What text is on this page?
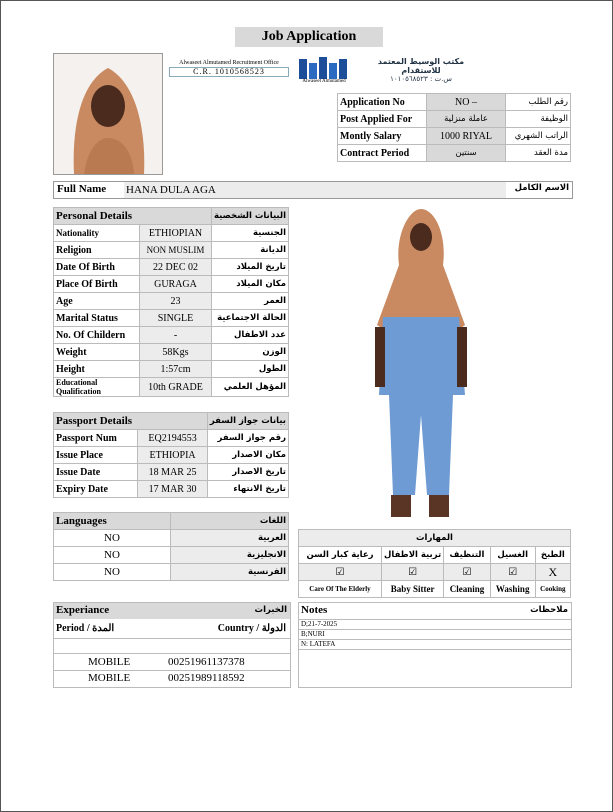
Job Application
Alwaseet Almutamed Recruitment Office
C.R. 1010568523
Alwaseet Almutamed
مكتب الوسيط المعتمد للاستقدام
س.ت : ١٠١٠٥٦٨٥٢٣
Application No	NO –	رقم الطلب
Post Applied For	عاملة منزلية	الوظيفة
Montly Salary	1000 RIYAL	الراتب الشهري
Contract Period	سنتين	مدة العقد
Full Name HANA DULA AGA	الاسم الكامل
Personal Details		البيانات الشخصية
Nationality	ETHIOPIAN	الجنسية
Religion	NON MUSLIM	الديانة
Date Of Birth	22 DEC 02	تاريخ الميلاد
Place Of Birth	GURAGA	مكان الميلاد
Age	23	العمر
Marital Status	SINGLE	الحالة الاجتماعية
No. Of Childern	-	عدد الاطفال
Weight	58Kgs	الوزن
Height	1:57cm	الطول
Educational Qualification	10th GRADE	المؤهل العلمي
Passport Details		بيانات جواز السفر
Passport Num	EQ2194553	رقم جواز السفر
Issue Place	ETHIOPIA	مكان الاصدار
Issue Date	18 MAR 25	تاريخ الاصدار
Expiry Date	17 MAR 30	تاريخ الانتهاء
Languages	اللغات
NO	العربية
NO	الانجليزية
NO	الفرنسية
المهارات				
رعاية كبار السن	تربية الاطفال	التنظيف	الغسيل	الطبخ
☑	☑	☑	☑	X
Care Of The Elderly	Baby Sitter	Cleaning	Washing	Cooking
Experiance	الخبرات
Period / المدة	Country / الدولة
MOBILE	00251961137378
MOBILE	00251989118592
Notes	ملاحظات
D;21-7-2025
B;NURI
N: LATEFA
